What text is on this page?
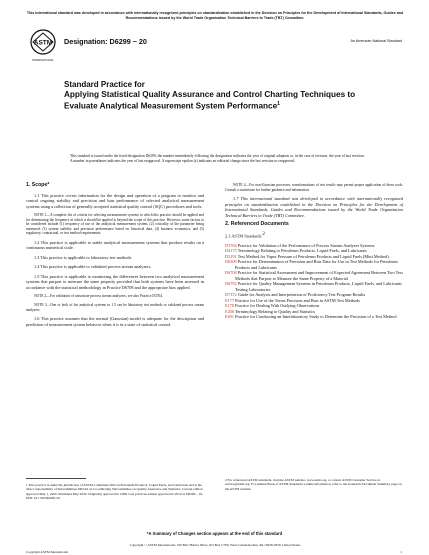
This international standard was developed in accordance with internationally recognized principles on standardization established in the Decision on Principles for the Development of International Standards, Guides and Recommendations issued by the World Trade Organization Technical Barriers to Trade (TBT) Committee.
ASTM
INTERNATIONAL
Designation: D6299 − 20	An American National Standard
Standard Practice for
Applying Statistical Quality Assurance and Control Charting Techniques to Evaluate Analytical Measurement System Performance$^1$
This standard is issued under the fixed designation D6299; the number immediately following the designation indicates the year of original adoption or, in the case of revision, the year of last revision. A number in parentheses indicates the year of last reapproval. A superscript epsilon (ε) indicates an editorial change since the last revision or reapproval.
1. Scope*

1.1 This practice covers information for the design and operation of a program to monitor and control ongoing stability and precision and bias performance of selected analytical measurement systems using a collection of generally accepted statistical quality control (SQC) procedures and tools.

NOTE 1—A complete list of criteria for selecting measurement systems to which this practice should be applied and for determining the frequency at which it should be applied is beyond the scope of this practice. However, some factors to be considered include (1) frequency of use of the analytical measurement system, (2) criticality of the parameter being measured, (3) system stability and precision performance based on historical data, (4) business economics, and (5) regulatory, contractual, or test method requirements.

1.2 This practice is applicable to stable analytical measurement systems that produce results on a continuous numerical scale.

1.3 This practice is applicable to laboratory test methods.

1.4 This practice is applicable to validated process stream analyzers.

1.5 This practice is applicable to monitoring the differences between two analytical measurement systems that purport to measure the same property provided that both systems have been assessed in accordance with the statistical methodology in Practice D6708 and the appropriate bias applied.

NOTE 2—For validation of univariate process stream analyzers, see also Practice D3764.

NOTE 3—One or both of the analytical systems in 1.5 can be laboratory test methods or validated process stream analyzers.

1.6 This practice assumes that the normal (Gaussian) model is adequate for the description and prediction of measurement system behavior when it is in a state of statistical control.

NOTE 4—For non-Gaussian processes, transformations of test results may permit proper application of these tools. Consult a statistician for further guidance and information.

1.7 This international standard was developed in accordance with internationally recognized principles on standardization established in the Decision on Principles for the Development of International Standards, Guides and Recommendations issued by the World Trade Organization Technical Barriers to Trade (TBT) Committee.

2. Referenced Documents

2.1 ASTM Standards:2

D3764 Practice for Validation of the Performance of Process Stream Analyzer Systems

D4175 Terminology Relating to Petroleum Products, Liquid Fuels, and Lubricants

D5191 Test Method for Vapor Pressure of Petroleum Products and Liquid Fuels (Mini Method)

D6300 Practice for Determination of Precision and Bias Data for Use in Test Methods for Petroleum Products and Lubricants

D6708 Practice for Statistical Assessment and Improvement of Expected Agreement Between Two Test Methods that Purport to Measure the Same Property of a Material

D6792 Practice for Quality Management Systems in Petroleum Products, Liquid Fuels, and Lubricants Testing Laboratories

D7372 Guide for Analysis and Interpretation of Proficiency Test Program Results

E177 Practice for Use of the Terms Precision and Bias in ASTM Test Methods

E178 Practice for Dealing With Outlying Observations

E456 Terminology Relating to Quality and Statistics

E691 Practice for Conducting an Interlaboratory Study to Determine the Precision of a Test Method

1 This practice is under the jurisdiction of ASTM Committee D02 on Petroleum Products, Liquid Fuels, and Lubricants and is the direct responsibility of Subcommittee D02.94 on Coordinating Subcommittee on Quality Assurance and Statistics. Current edition approved May 1, 2020. Published May 2020. Originally approved in 1998. Last previous edition approved in 2019 as D6299 – 19. DOI: 10.1520/D6299-20.
2 For referenced ASTM standards, visit the ASTM website, www.astm.org, or contact ASTM Customer Service at service@astm.org. For Annual Book of ASTM Standards volume information, refer to the standard's Document Summary page on the ASTM website.
*A Summary of Changes section appears at the end of this standard
Copyright © ASTM International, 100 Barr Harbor Drive, PO Box C700, West Conshohocken, PA 19428-2959. United States
Copyright ASTM International	1
